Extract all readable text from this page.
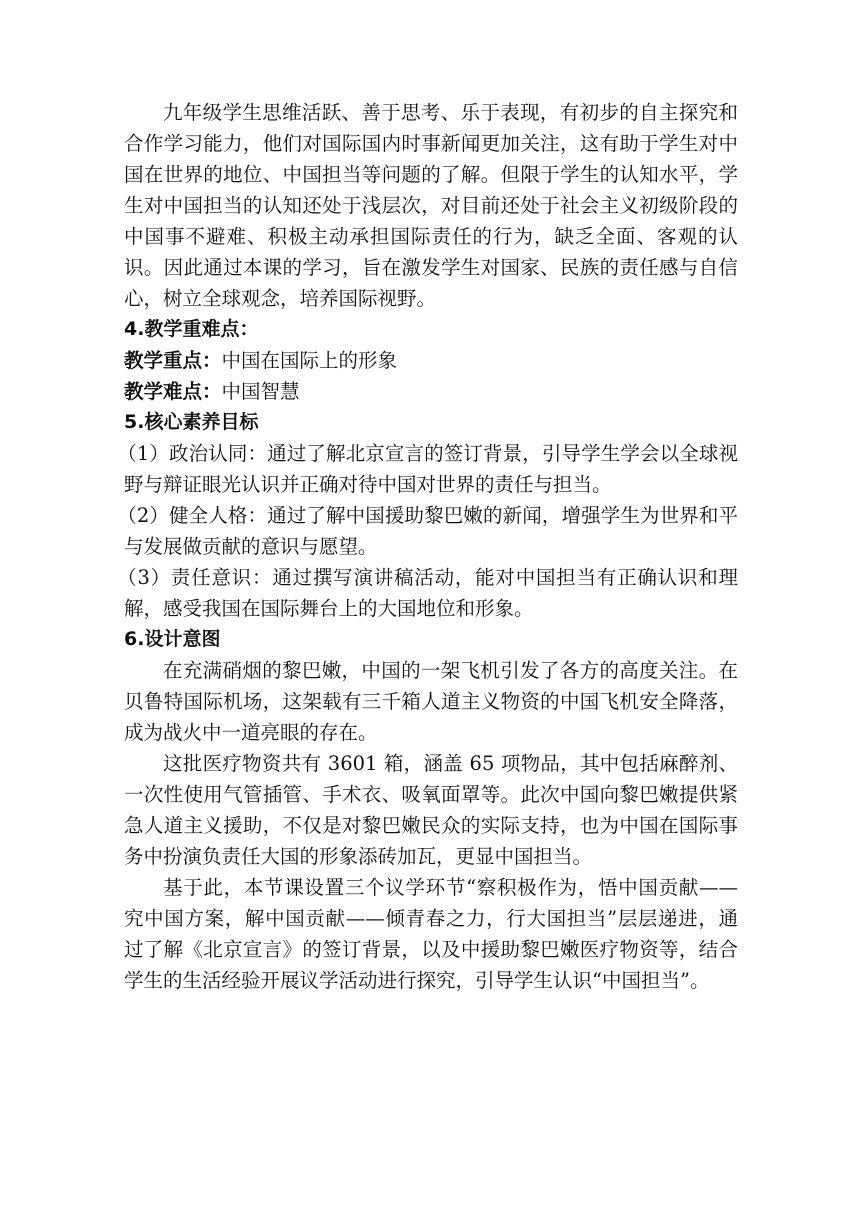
九年级学生思维活跃、善于思考、乐于表现，有初步的自主探究和合作学习能力，他们对国际国内时事新闻更加关注，这有助于学生对中国在世界的地位、中国担当等问题的了解。但限于学生的认知水平，学生对中国担当的认知还处于浅层次，对目前还处于社会主义初级阶段的中国事不避难、积极主动承担国际责任的行为，缺乏全面、客观的认识。因此通过本课的学习，旨在激发学生对国家、民族的责任感与自信心，树立全球观念，培养国际视野。

4.教学重难点：

教学重点：中国在国际上的形象

教学难点：中国智慧

5.核心素养目标

（1）政治认同：通过了解北京宣言的签订背景，引导学生学会以全球视野与辩证眼光认识并正确对待中国对世界的责任与担当。

（2）健全人格：通过了解中国援助黎巴嫩的新闻，增强学生为世界和平与发展做贡献的意识与愿望。

（3）责任意识：通过撰写演讲稿活动，能对中国担当有正确认识和理解，感受我国在国际舞台上的大国地位和形象。

6.设计意图

在充满硝烟的黎巴嫩，中国的一架飞机引发了各方的高度关注。在贝鲁特国际机场，这架载有三千箱人道主义物资的中国飞机安全降落，成为战火中一道亮眼的存在。

这批医疗物资共有 3601 箱，涵盖 65 项物品，其中包括麻醉剂、一次性使用气管插管、手术衣、吸氧面罩等。此次中国向黎巴嫩提供紧急人道主义援助，不仅是对黎巴嫩民众的实际支持，也为中国在国际事务中扮演负责任大国的形象添砖加瓦，更显中国担当。

基于此，本节课设置三个议学环节“察积极作为，悟中国贡献——究中国方案，解中国贡献——倾青春之力，行大国担当”层层递进，通过了解《北京宣言》的签订背景，以及中援助黎巴嫩医疗物资等，结合学生的生活经验开展议学活动进行探究，引导学生认识“中国担当”。
